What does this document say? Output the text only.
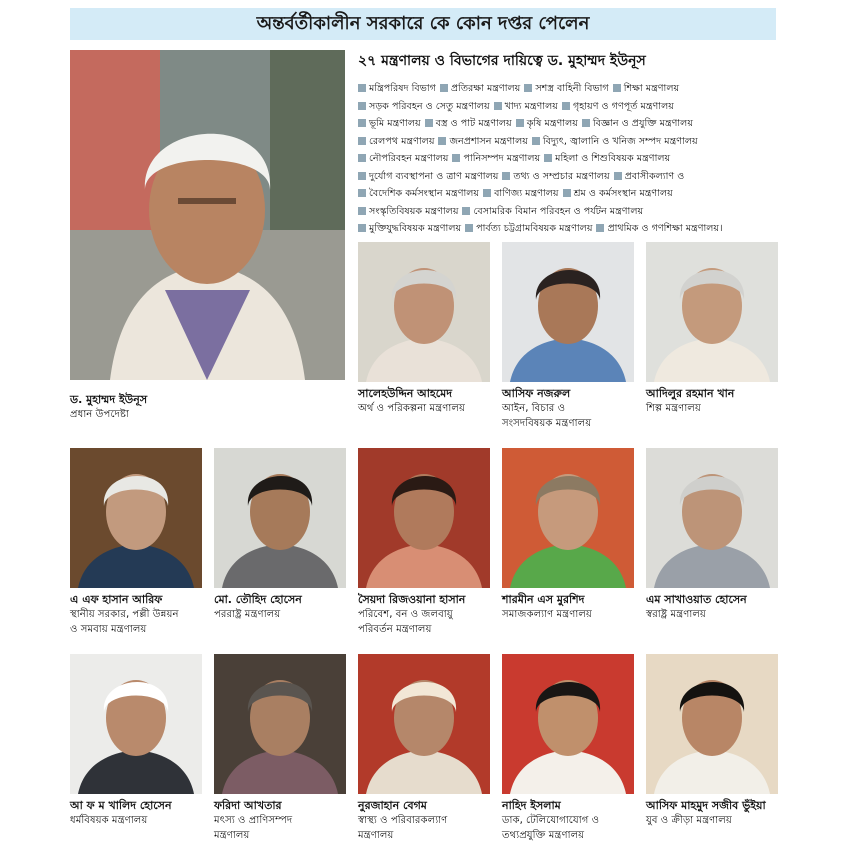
অন্তর্বর্তীকালীন সরকারে কে কোন দপ্তর পেলেন
২৭ মন্ত্রণালয় ও বিভাগের দায়িত্বে ড. মুহাম্মদ ইউনূস
মন্ত্রিপরিষদ বিভাগ প্রতিরক্ষা মন্ত্রণালয় সশস্ত্র বাহিনী বিভাগ শিক্ষা মন্ত্রণালয়
সড়ক পরিবহন ও সেতু মন্ত্রণালয় খাদ্য মন্ত্রণালয় গৃহায়ণ ও গণপূর্ত মন্ত্রণালয়
ভূমি মন্ত্রণালয় বস্ত্র ও পাট মন্ত্রণালয় কৃষি মন্ত্রণালয় বিজ্ঞান ও প্রযুক্তি মন্ত্রণালয়
রেলপথ মন্ত্রণালয় জনপ্রশাসন মন্ত্রণালয় বিদ্যুৎ, জ্বালানি ও খনিজ সম্পদ মন্ত্রণালয়
নৌপরিবহন মন্ত্রণালয় পানিসম্পদ মন্ত্রণালয় মহিলা ও শিশুবিষয়ক মন্ত্রণালয়
দুর্যোগ ব্যবস্থাপনা ও ত্রাণ মন্ত্রণালয় তথ্য ও সম্প্রচার মন্ত্রণালয় প্রবাসীকল্যাণ ও
বৈদেশিক কর্মসংস্থান মন্ত্রণালয় বাণিজ্য মন্ত্রণালয় শ্রম ও কর্মসংস্থান মন্ত্রণালয়
সংস্কৃতিবিষয়ক মন্ত্রণালয় বেসামরিক বিমান পরিবহন ও পর্যটন মন্ত্রণালয়
মুক্তিযুদ্ধবিষয়ক মন্ত্রণালয় পার্বত্য চট্টগ্রামবিষয়ক মন্ত্রণালয় প্রাথমিক ও গণশিক্ষা মন্ত্রণালয়।
ড. মুহাম্মদ ইউনূস
প্রধান উপদেষ্টা
সালেহউদ্দিন আহমেদ
অর্থ ও পরিকল্পনা মন্ত্রণালয়
আসিফ নজরুল
আইন, বিচার ও
সংসদবিষয়ক মন্ত্রণালয়
আদিলুর রহমান খান
শিল্প মন্ত্রণালয়
এ এফ হাসান আরিফ
স্থানীয় সরকার, পল্লী উন্নয়ন
ও সমবায় মন্ত্রণালয়
মো. তৌহিদ হোসেন
পররাষ্ট্র মন্ত্রণালয়
সৈয়দা রিজওয়ানা হাসান
পরিবেশ, বন ও জলবায়ু
পরিবর্তন মন্ত্রণালয়
শারমীন এস মুরশিদ
সমাজকল্যাণ মন্ত্রণালয়
এম সাখাওয়াত হোসেন
স্বরাষ্ট্র মন্ত্রণালয়
আ ফ ম খালিদ হোসেন
ধর্মবিষয়ক মন্ত্রণালয়
ফরিদা আখতার
মৎস্য ও প্রাণিসম্পদ
মন্ত্রণালয়
নুরজাহান বেগম
স্বাস্থ্য ও পরিবারকল্যাণ
মন্ত্রণালয়
নাহিদ ইসলাম
ডাক, টেলিযোগাযোগ ও
তথ্যপ্রযুক্তি মন্ত্রণালয়
আসিফ মাহমুদ সজীব ভুঁইয়া
যুব ও ক্রীড়া মন্ত্রণালয়
